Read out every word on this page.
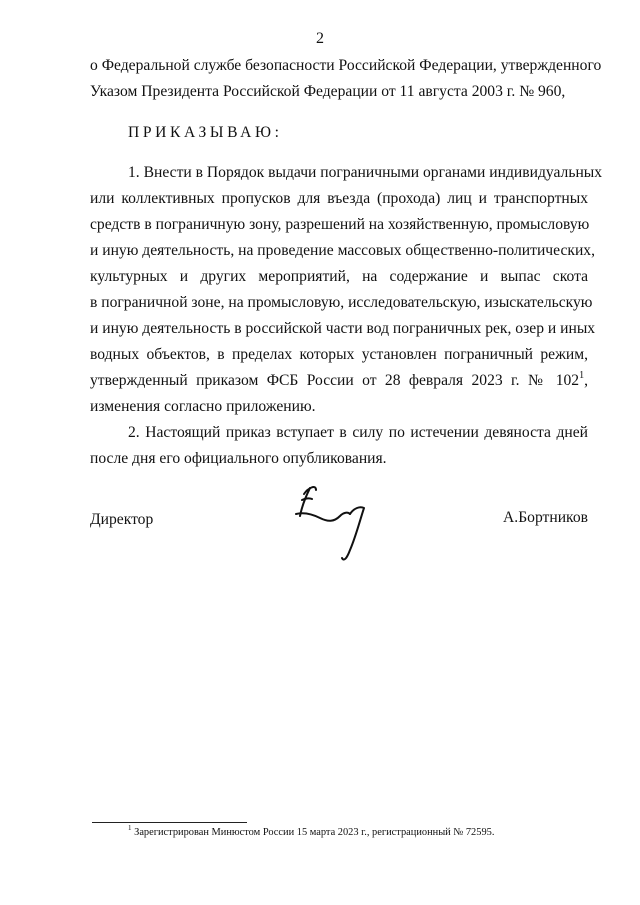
2
о Федеральной службе безопасности Российской Федерации, утвержденного
Указом Президента Российской Федерации от 11 августа 2003 г. № 960,
ПРИКАЗЫВАЮ:
1. Внести в Порядок выдачи пограничными органами индивидуальных
или коллективных пропусков для въезда (прохода) лиц и транспортных
средств в пограничную зону, разрешений на хозяйственную, промысловую
и иную деятельность, на проведение массовых общественно-политических,
культурных и других мероприятий, на содержание и выпас скота
в пограничной зоне, на промысловую, исследовательскую, изыскательскую
и иную деятельность в российской части вод пограничных рек, озер и иных
водных объектов, в пределах которых установлен пограничный режим,
утвержденный приказом ФСБ России от 28 февраля 2023 г. № $102^1$,
изменения согласно приложению.
2. Настоящий приказ вступает в силу по истечении девяноста дней
после дня его официального опубликования.
Директор	А.Бортников
$^1$ Зарегистрирован Минюстом России 15 марта 2023 г., регистрационный № 72595.
